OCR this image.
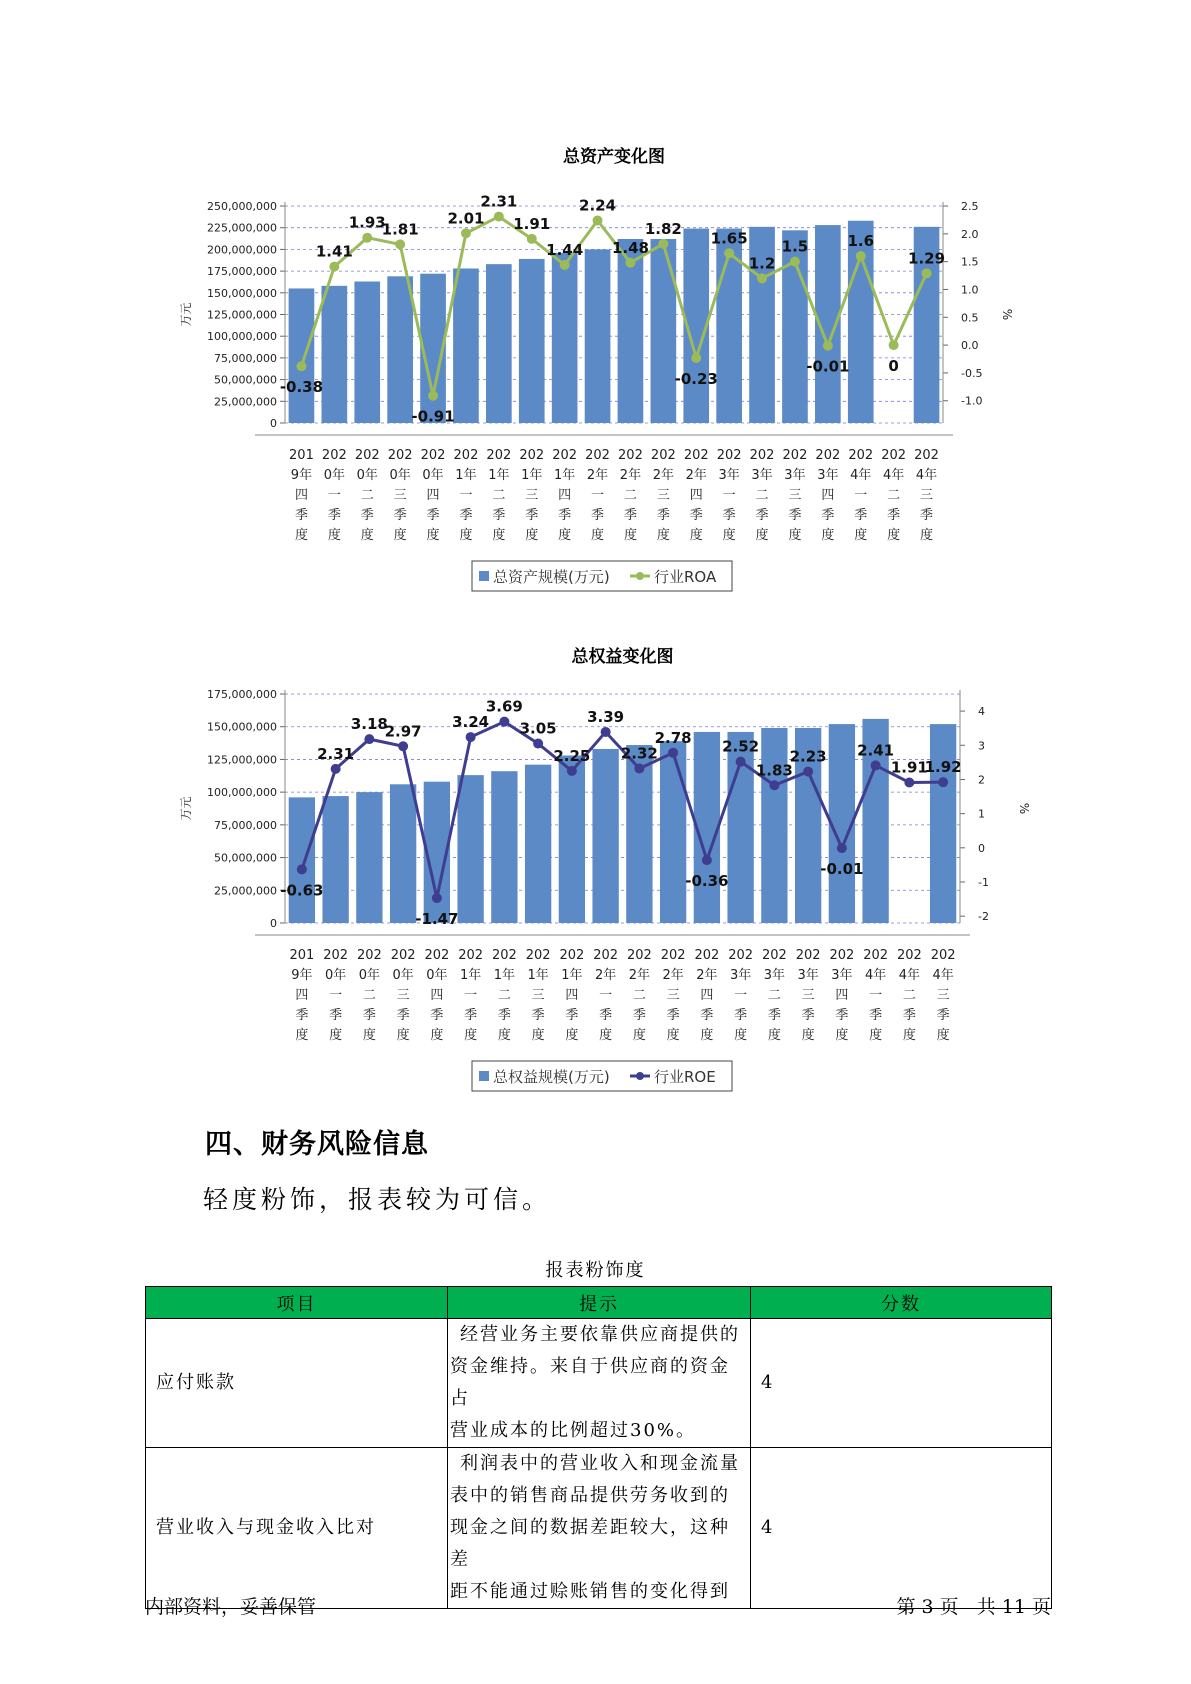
总资产变化图
0
25,000,000
50,000,000
75,000,000
100,000,000
125,000,000
150,000,000
175,000,000
200,000,000
225,000,000
250,000,000
-1.0
-0.5
0.0
0.5
1.0
1.5
2.0
2.5
万元	%
-0.38
1.41
1.93
1.81
-0.91
2.01
2.31
1.91
1.44
2.24
1.48
1.82
-0.23
1.65
1.2
1.5
-0.01
1.6
0
1.29
201
9年
四
季
度
202
0年
一
季
度
202
0年
二
季
度
202
0年
三
季
度
202
0年
四
季
度
202
1年
一
季
度
202
1年
二
季
度
202
1年
三
季
度
202
1年
四
季
度
202
2年
一
季
度
202
2年
二
季
度
202
2年
三
季
度
202
2年
四
季
度
202
3年
一
季
度
202
3年
二
季
度
202
3年
三
季
度
202
3年
四
季
度
202
4年
一
季
度
202
4年
二
季
度
202
4年
三
季
度
总资产规模(万元)	行业ROA
总权益变化图
0
25,000,000
50,000,000
75,000,000
100,000,000
125,000,000
150,000,000
175,000,000
-2
-1
0
1
2
3
4
万元	%
-0.63
2.31
3.18
2.97
-1.47
3.24
3.69
3.05
2.25
3.39
2.32
2.78
-0.36
2.52
1.83
2.23
-0.01
2.41
1.91
1.92
201
9年
四
季
度
202
0年
一
季
度
202
0年
二
季
度
202
0年
三
季
度
202
0年
四
季
度
202
1年
一
季
度
202
1年
二
季
度
202
1年
三
季
度
202
1年
四
季
度
202
2年
一
季
度
202
2年
二
季
度
202
2年
三
季
度
202
2年
四
季
度
202
3年
一
季
度
202
3年
二
季
度
202
3年
三
季
度
202
3年
四
季
度
202
4年
一
季
度
202
4年
二
季
度
202
4年
三
季
度
总权益规模(万元)	行业ROE
四、财务风险信息

轻度粉饰，报表较为可信。

报表粉饰度
项目	提示	分数
应付账款	经营业务主要依靠供应商提供的
资金维持。来自于供应商的资金占
营业成本的比例超过30%。	4
营业收入与现金收入比对	利润表中的营业收入和现金流量
表中的销售商品提供劳务收到的
现金之间的数据差距较大，这种差
距不能通过赊账销售的变化得到	4
内部资料，妥善保管	第 3 页   共 11 页
